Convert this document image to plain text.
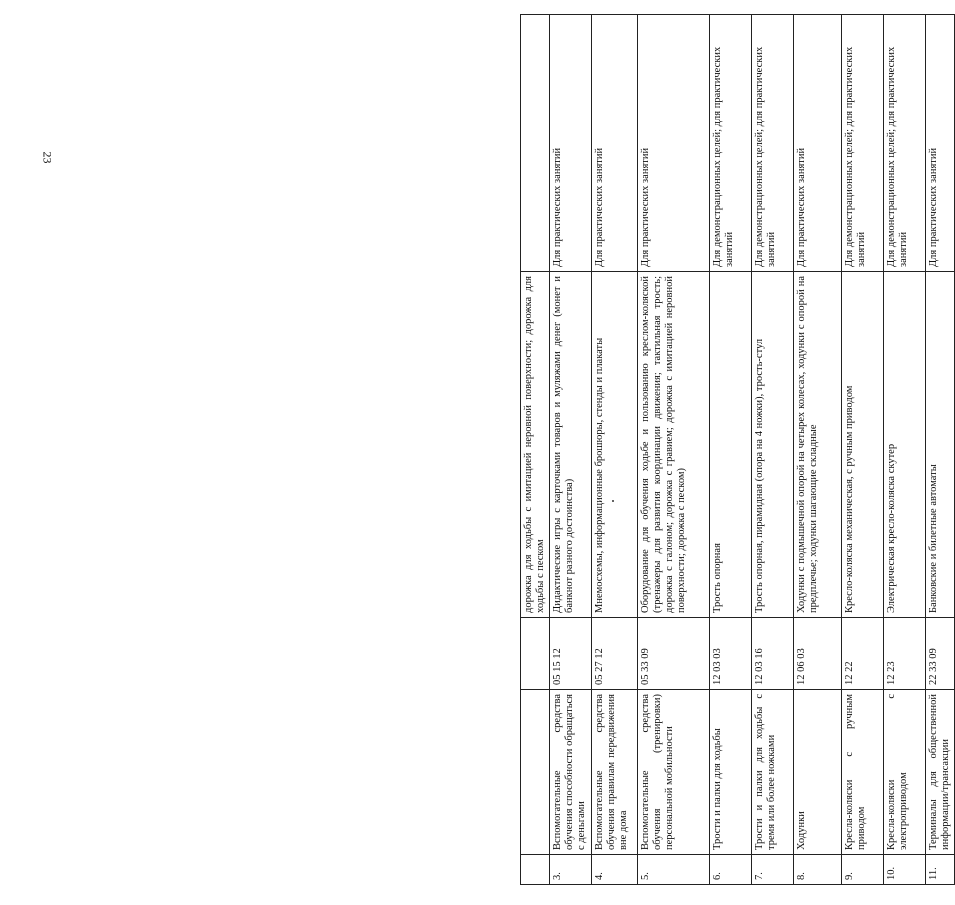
23
			дорожка для ходьбы с имитацией неровной поверхности; дорожка для ходьбы с песком	
3.	Вспомогательные средства обучения способности обращаться с деньгами	05 15 12	Дидактические игры с карточками товаров и муляжами денег (монет и банкнот разного достоинства)	Для практических занятий
4.	Вспомогательные средства обучения правилам передвижения вне дома	05 27 12	Мнемосхемы, информационные брошюры, стенды и плакаты	Для практических занятий
5.	Вспомогательные средства обучения (тренировки) персональной мобильности	05 33 09	Оборудование для обучения ходьбе и пользованию креслом-коляской (тренажеры для развития координации движения; тактильная трость; дорожка с галоном; дорожка с гравием; дорожка с имитацией неровной поверхности; дорожка с песком)	Для практических занятий
6.	Трости и палки для ходьбы	12 03 03	Трость опорная	Для демонстрационных целей; для практических занятий
7.	Трости и палки для ходьбы с тремя или более ножками	12 03 16	Трость опорная, пирамидная (опора на 4 ножки), трость-стул	Для демонстрационных целей; для практических занятий
8.	Ходунки	12 06 03	Ходунки с подмышечной опорой на четырех колесах, ходунки с опорой на предплечье; ходунки шагающие складные	Для практических занятий
9.	Кресла-коляски с ручным приводом	12 22	Кресло-коляска механическая, с ручным приводом	Для демонстрационных целей; для практических занятий
10.	Кресла-коляски с электроприводом	12 23	Электрическая кресло-коляска скутер	Для демонстрационных целей; для практических занятий
11.	Терминалы для общественной информации/трансакции	22 33 09	Банковские и билетные автоматы	Для практических занятий
